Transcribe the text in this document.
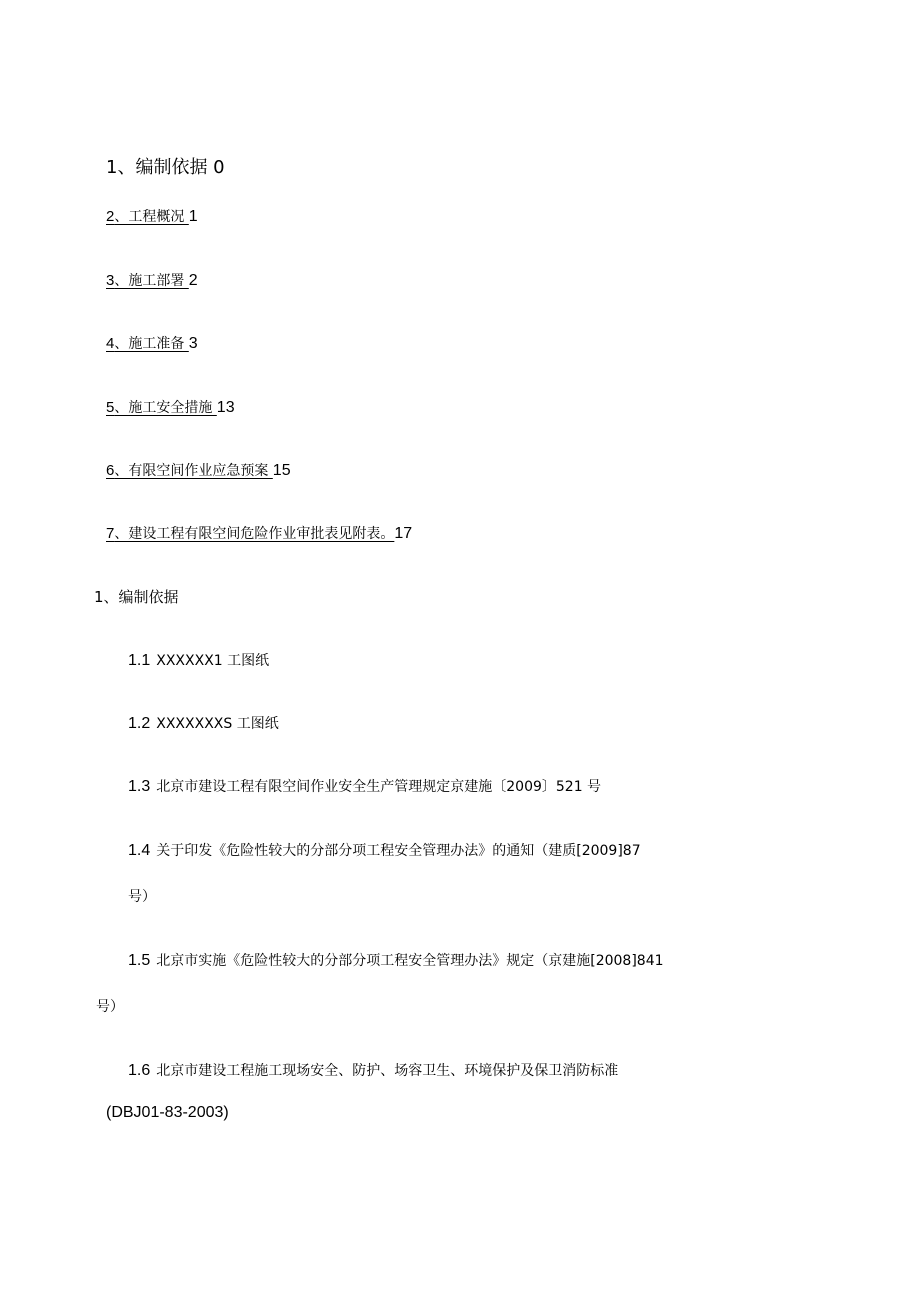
1、编制依据 0
2、工程概况 1
3、施工部署 2
4、施工准备 3
5、施工安全措施 13
6、有限空间作业应急预案 15
7、建设工程有限空间危险作业审批表见附表。17
1、编制依据
1.1 XXXXXX1 工图纸
1.2 XXXXXXXS 工图纸
1.3 北京市建设工程有限空间作业安全生产管理规定京建施〔2009〕521 号
1.4 关于印发《危险性较大的分部分项工程安全管理办法》的通知（建质[2009]87
号）
1.5 北京市实施《危险性较大的分部分项工程安全管理办法》规定（京建施[2008]841
号）
1.6 北京市建设工程施工现场安全、防护、场容卫生、环境保护及保卫消防标准
(DBJ01-83-2003)
